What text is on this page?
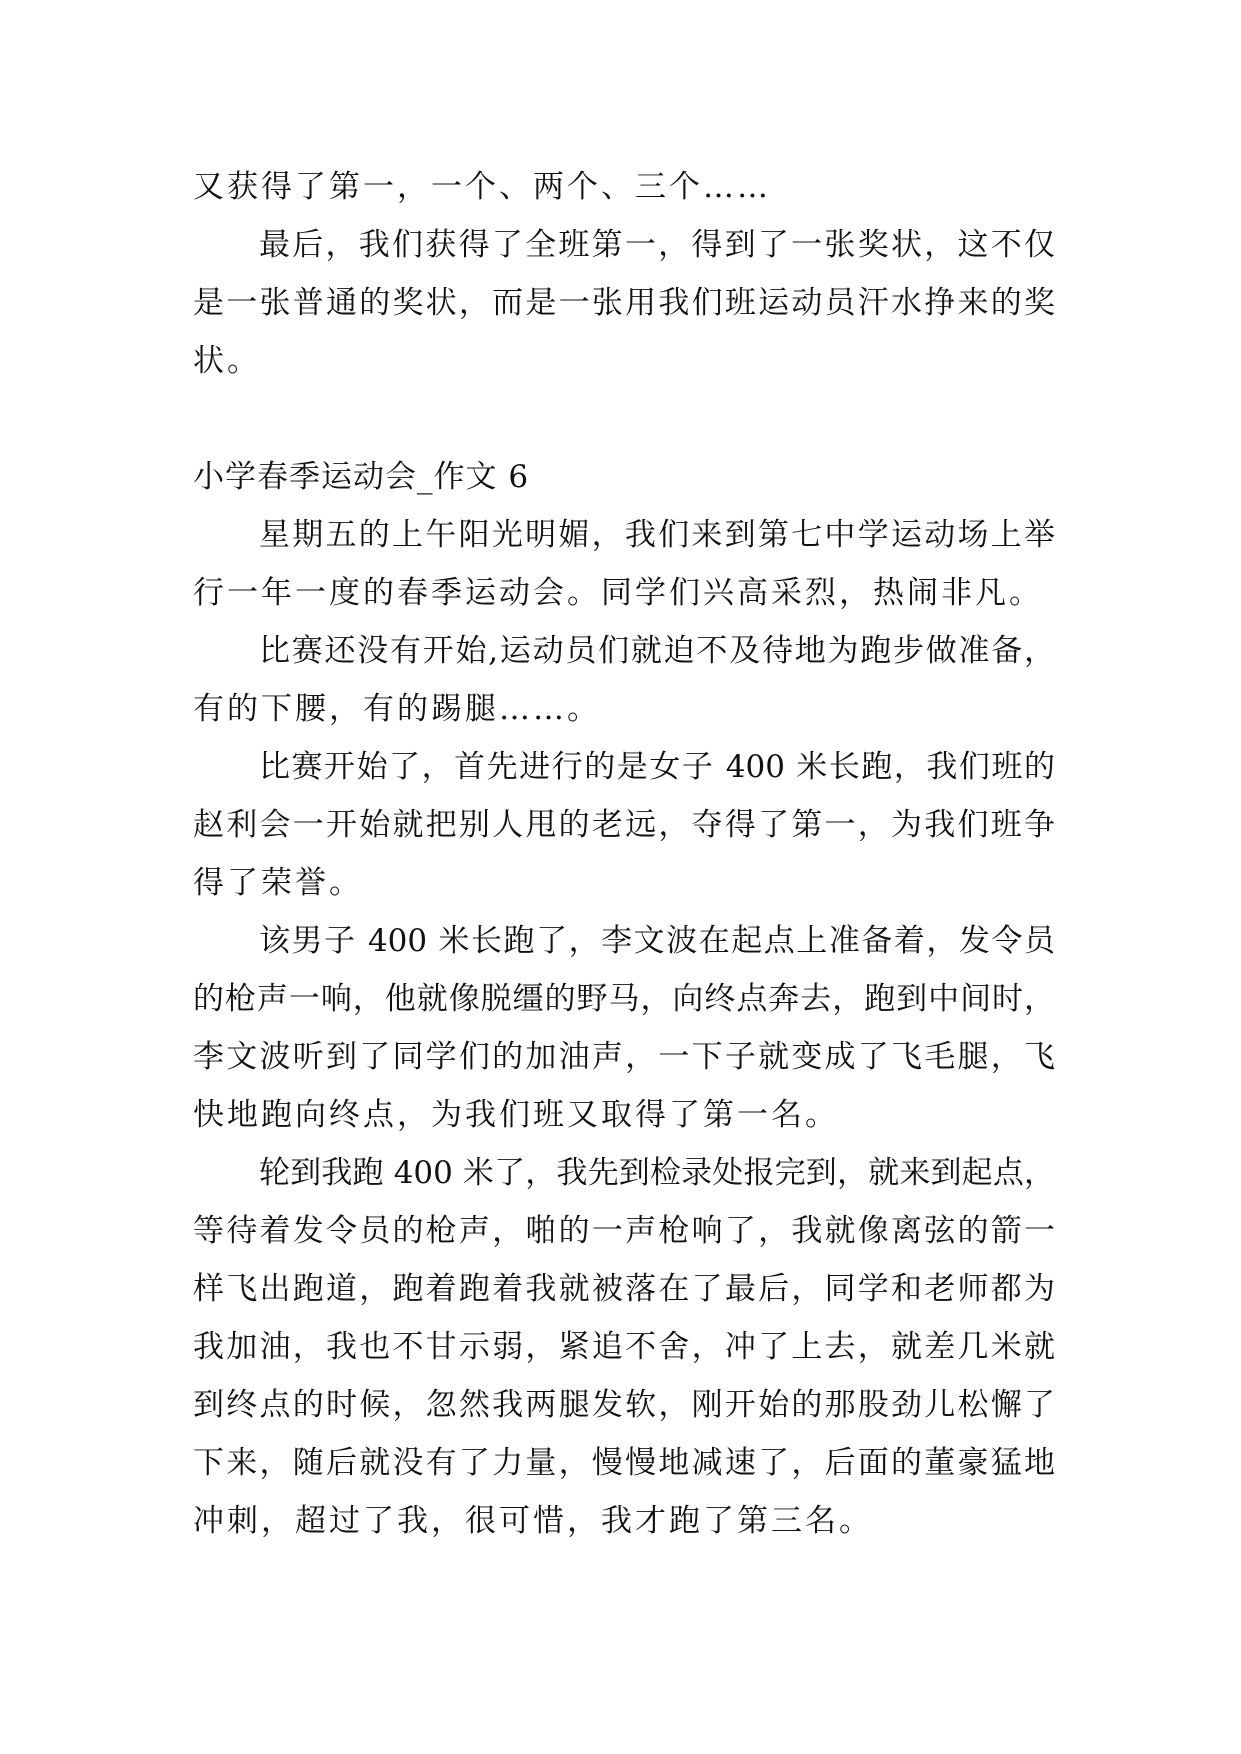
又获得了第一，一个、两个、三个……
最后，我们获得了全班第一，得到了一张奖状，这不仅
是一张普通的奖状，而是一张用我们班运动员汗水挣来的奖
状。
小学春季运动会_作文 6
星期五的上午阳光明媚，我们来到第七中学运动场上举
行一年一度的春季运动会。同学们兴高采烈，热闹非凡。
比赛还没有开始,运动员们就迫不及待地为跑步做准备，
有的下腰，有的踢腿……。
比赛开始了，首先进行的是女子 400 米长跑，我们班的
赵利会一开始就把别人甩的老远，夺得了第一，为我们班争
得了荣誉。
该男子 400 米长跑了，李文波在起点上准备着，发令员
的枪声一响，他就像脱缰的野马，向终点奔去，跑到中间时，
李文波听到了同学们的加油声，一下子就变成了飞毛腿，飞
快地跑向终点，为我们班又取得了第一名。
轮到我跑 400 米了，我先到检录处报完到，就来到起点，
等待着发令员的枪声，啪的一声枪响了，我就像离弦的箭一
样飞出跑道，跑着跑着我就被落在了最后，同学和老师都为
我加油，我也不甘示弱，紧追不舍，冲了上去，就差几米就
到终点的时候，忽然我两腿发软，刚开始的那股劲儿松懈了
下来，随后就没有了力量，慢慢地减速了，后面的董豪猛地
冲刺，超过了我，很可惜，我才跑了第三名。
